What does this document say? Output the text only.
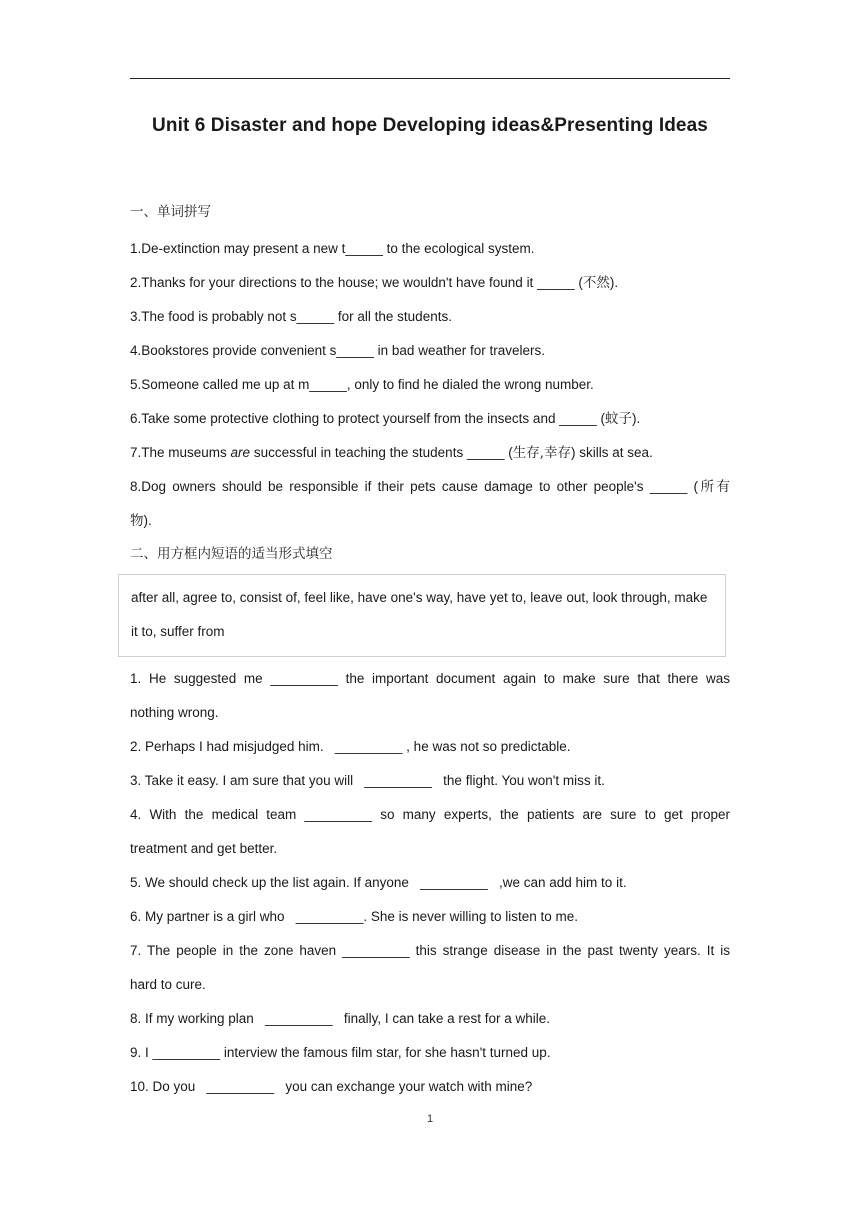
Unit 6 Disaster and hope Developing ideas&Presenting Ideas

一、单词拼写

1.De-extinction may present a new t_____ to the ecological system.

2.Thanks for your directions to the house; we wouldn't have found it _____ (不然).

3.The food is probably not s_____ for all the students.

4.Bookstores provide convenient s_____ in bad weather for travelers.

5.Someone called me up at m_____, only to find he dialed the wrong number.

6.Take some protective clothing to protect yourself from the insects and _____ (蚊子).

7.The museums are successful in teaching the students _____ (生存,幸存) skills at sea.

8.Dog owners should be responsible if their pets cause damage to other people's _____ (所有

物).

二、用方框内短语的适当形式填空

after all, agree to, consist of, feel like, have one's way, have yet to, leave out, look through, make

it to, suffer from

1. He suggested me _________ the important document again to make sure that there was

nothing wrong.

2. Perhaps I had misjudged him.   _________ , he was not so predictable.

3. Take it easy. I am sure that you will   _________   the flight. You won't miss it.

4. With the medical team _________ so many experts, the patients are sure to get proper

treatment and get better.

5. We should check up the list again. If anyone   _________   ,we can add him to it.

6. My partner is a girl who   _________. She is never willing to listen to me.

7. The people in the zone haven _________ this strange disease in the past twenty years. It is

hard to cure.

8. If my working plan   _________   finally, I can take a rest for a while.

9. I _________ interview the famous film star, for she hasn't turned up.

10. Do you   _________   you can exchange your watch with mine?

1
